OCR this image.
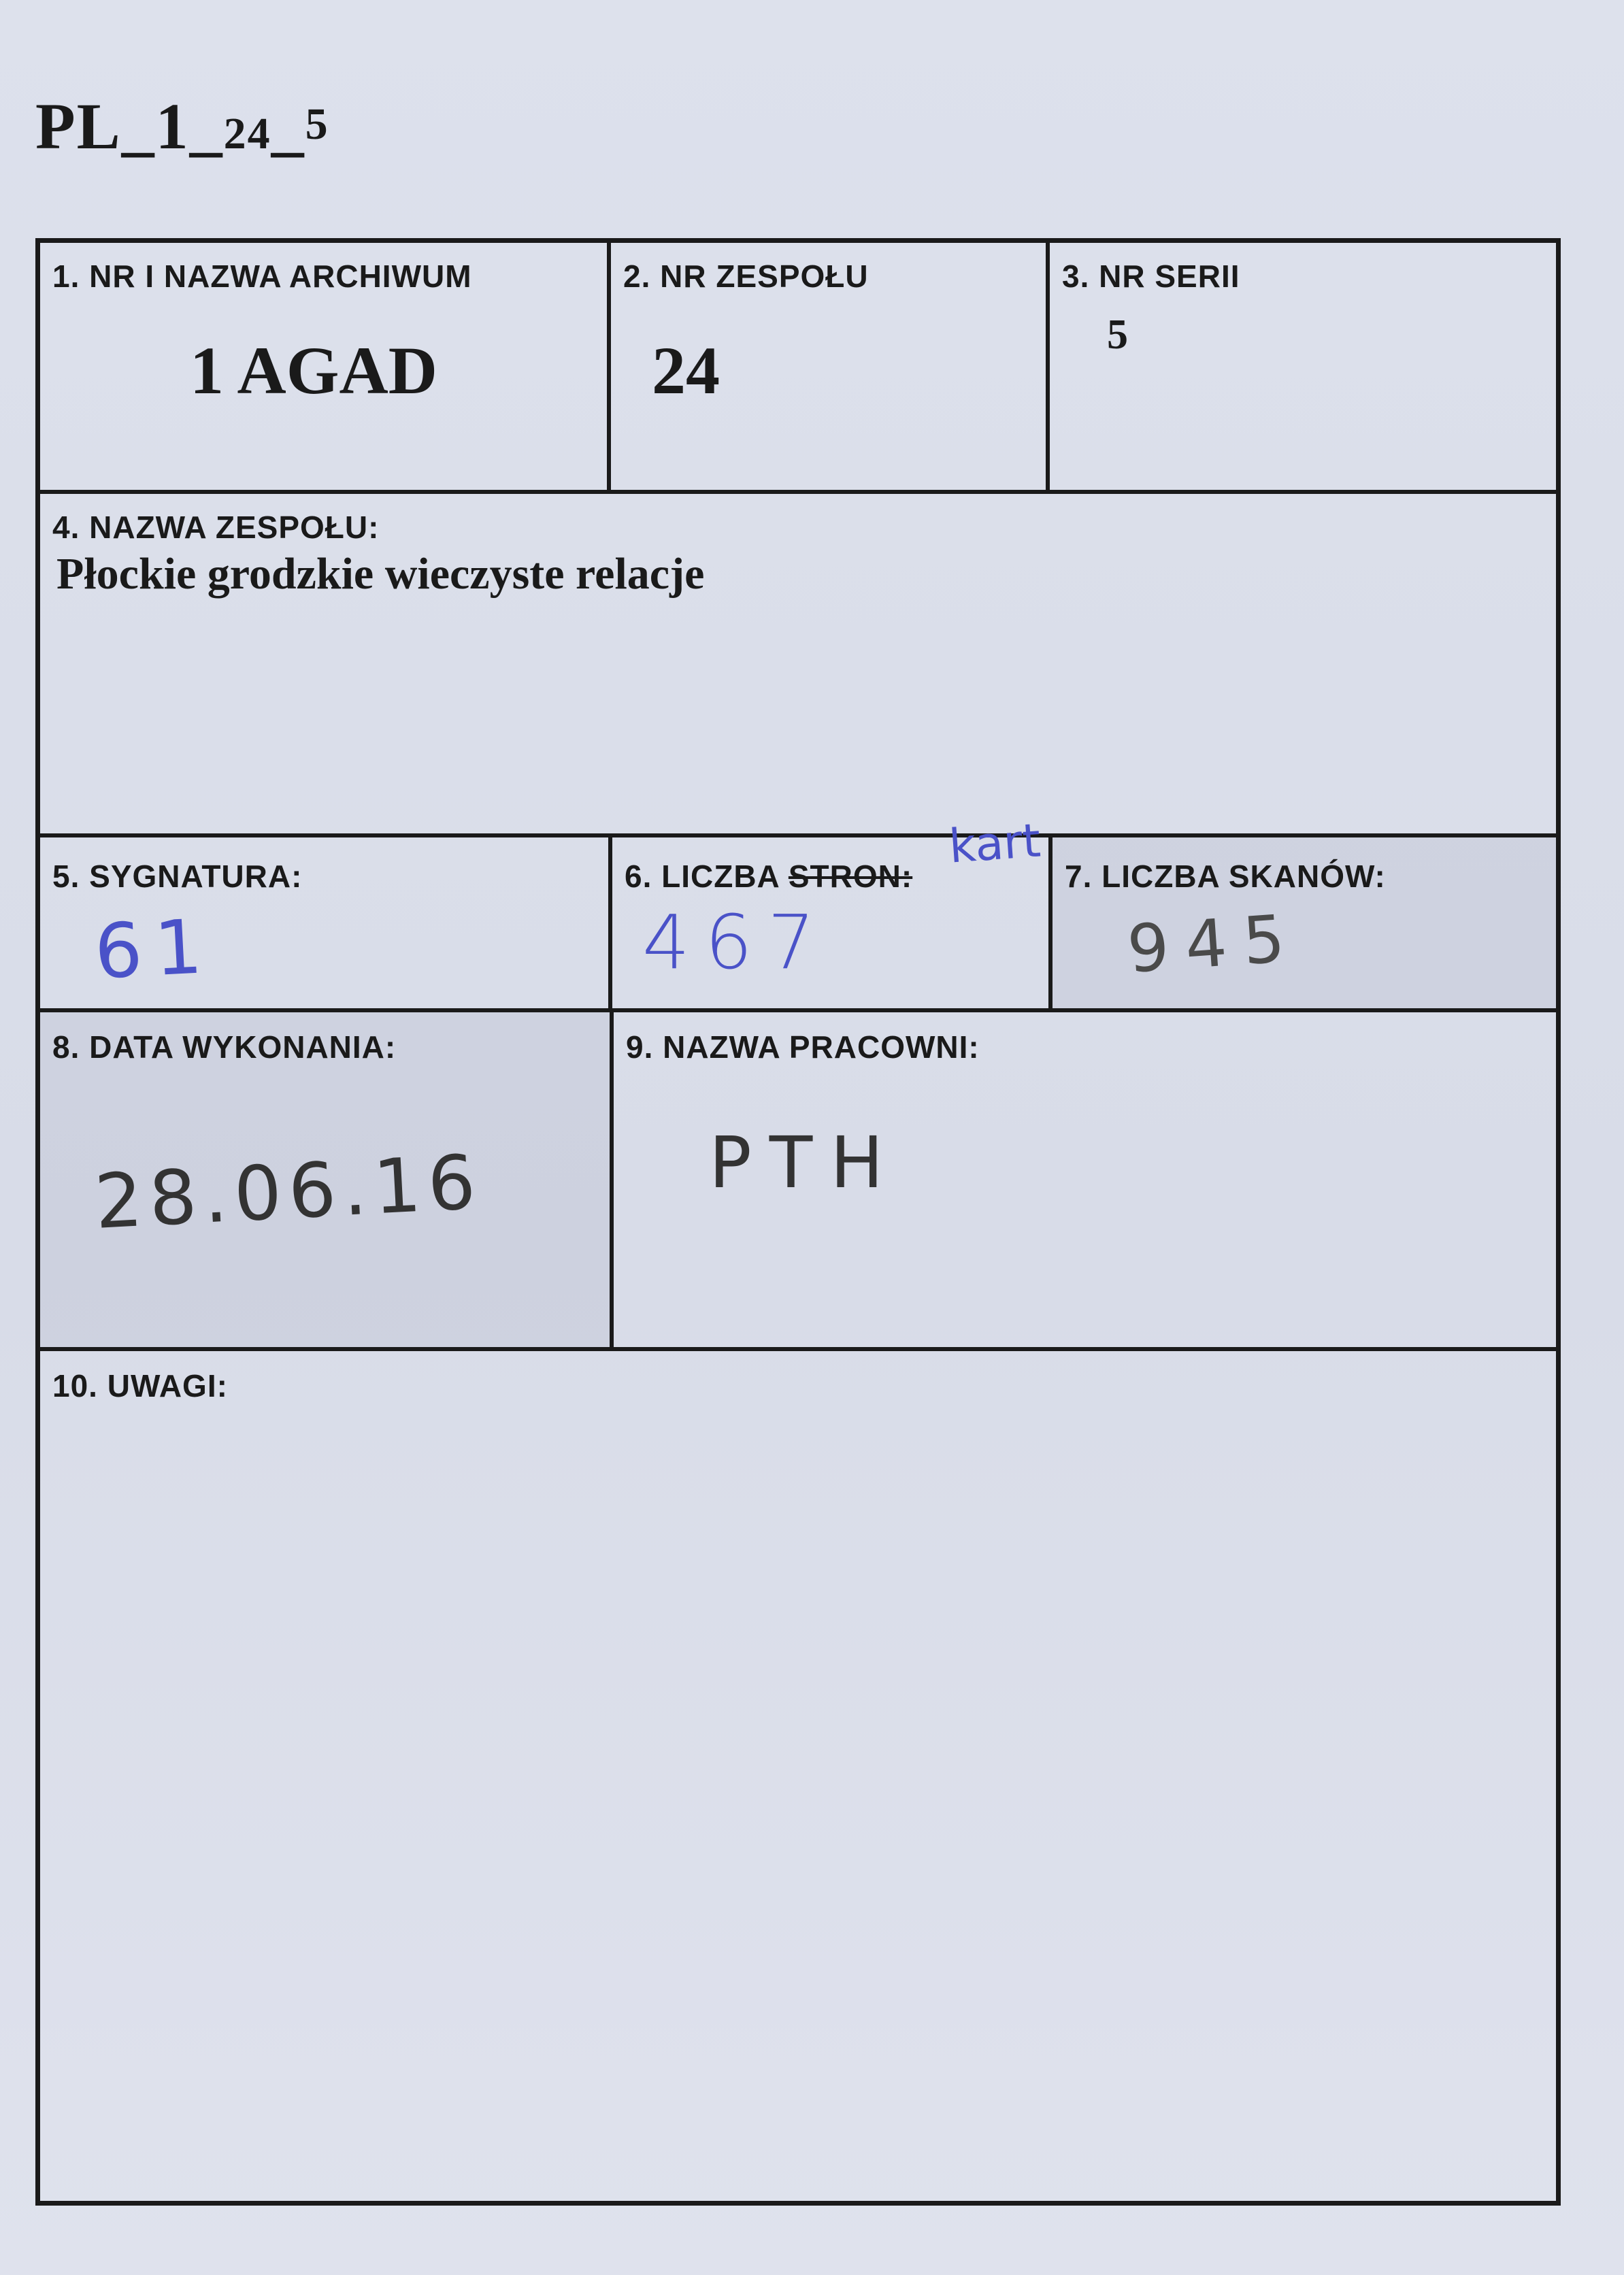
PL_1_24_5
1. NR I NAZWA ARCHIWUM
1 AGAD
2. NR ZESPOŁU
24
3. NR SERII
5
4. NAZWA ZESPOŁU:
Płockie grodzkie wieczyste relacje
5. SYGNATURA:
61
6. LICZBA STRON:
kart
467
7. LICZBA SKANÓW:
945
8. DATA WYKONANIA:
28.06.16
9. NAZWA PRACOWNI:
PTH
10. UWAGI:
